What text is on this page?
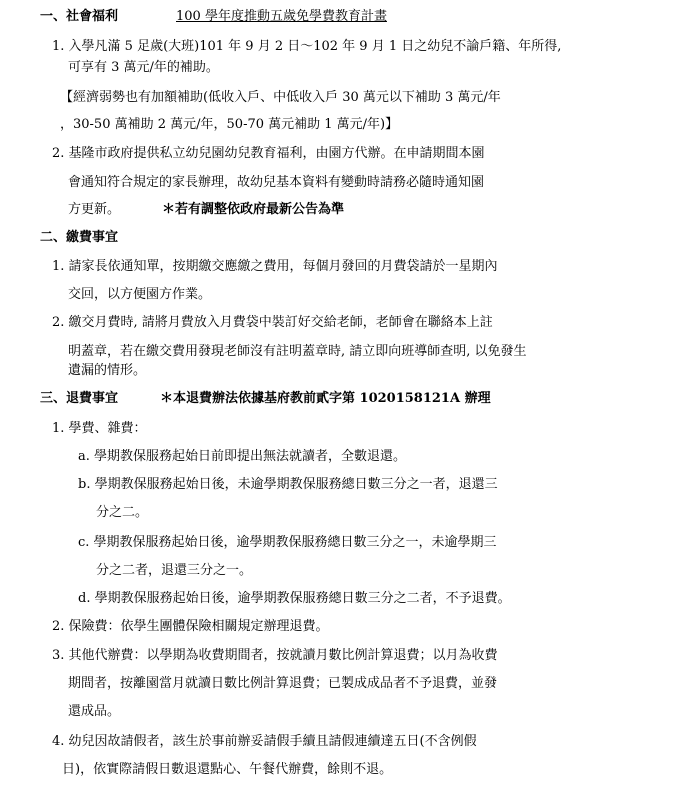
一、社會福利	100 學年度推動五歲免學費教育計畫
1. 入學凡滿 5 足歲(大班)101 年 9 月 2 日～102 年 9 月 1 日之幼兒不論戶籍、年所得,
可享有 3 萬元/年的補助。
【經濟弱勢也有加額補助(低收入戶、中低收入戶 30 萬元以下補助 3 萬元/年
，30-50 萬補助 2 萬元/年，50-70 萬元補助 1 萬元/年)】
2. 基隆市政府提供私立幼兒園幼兒教育福利，由園方代辦。在申請期間本園
會通知符合規定的家長辦理，故幼兒基本資料有變動時請務必隨時通知園
方更新。	＊若有調整依政府最新公告為準
二、繳費事宜
1. 請家長依通知單，按期繳交應繳之費用，每個月發回的月費袋請於一星期內
交回，以方便園方作業。
2. 繳交月費時, 請將月費放入月費袋中裝訂好交給老師，老師會在聯絡本上註
明蓋章，若在繳交費用發現老師沒有註明蓋章時, 請立即向班導師查明, 以免發生
遺漏的情形。
三、退費事宜	＊本退費辦法依據基府教前貳字第 1020158121A 辦理
1. 學費、雜費：
a. 學期教保服務起始日前即提出無法就讀者，全數退還。
b. 學期教保服務起始日後，未逾學期教保服務總日數三分之一者，退還三
分之二。
c. 學期教保服務起始日後，逾學期教保服務總日數三分之一，未逾學期三
分之二者，退還三分之一。
d. 學期教保服務起始日後，逾學期教保服務總日數三分之二者，不予退費。
2. 保險費：依學生團體保險相關規定辦理退費。
3. 其他代辦費：以學期為收費期間者，按就讀月數比例計算退費；以月為收費
期間者，按離園當月就讀日數比例計算退費；已製成成品者不予退費，並發
還成品。
4. 幼兒因故請假者，該生於事前辦妥請假手續且請假連續達五日(不含例假
日)，依實際請假日數退還點心、午餐代辦費，餘則不退。
